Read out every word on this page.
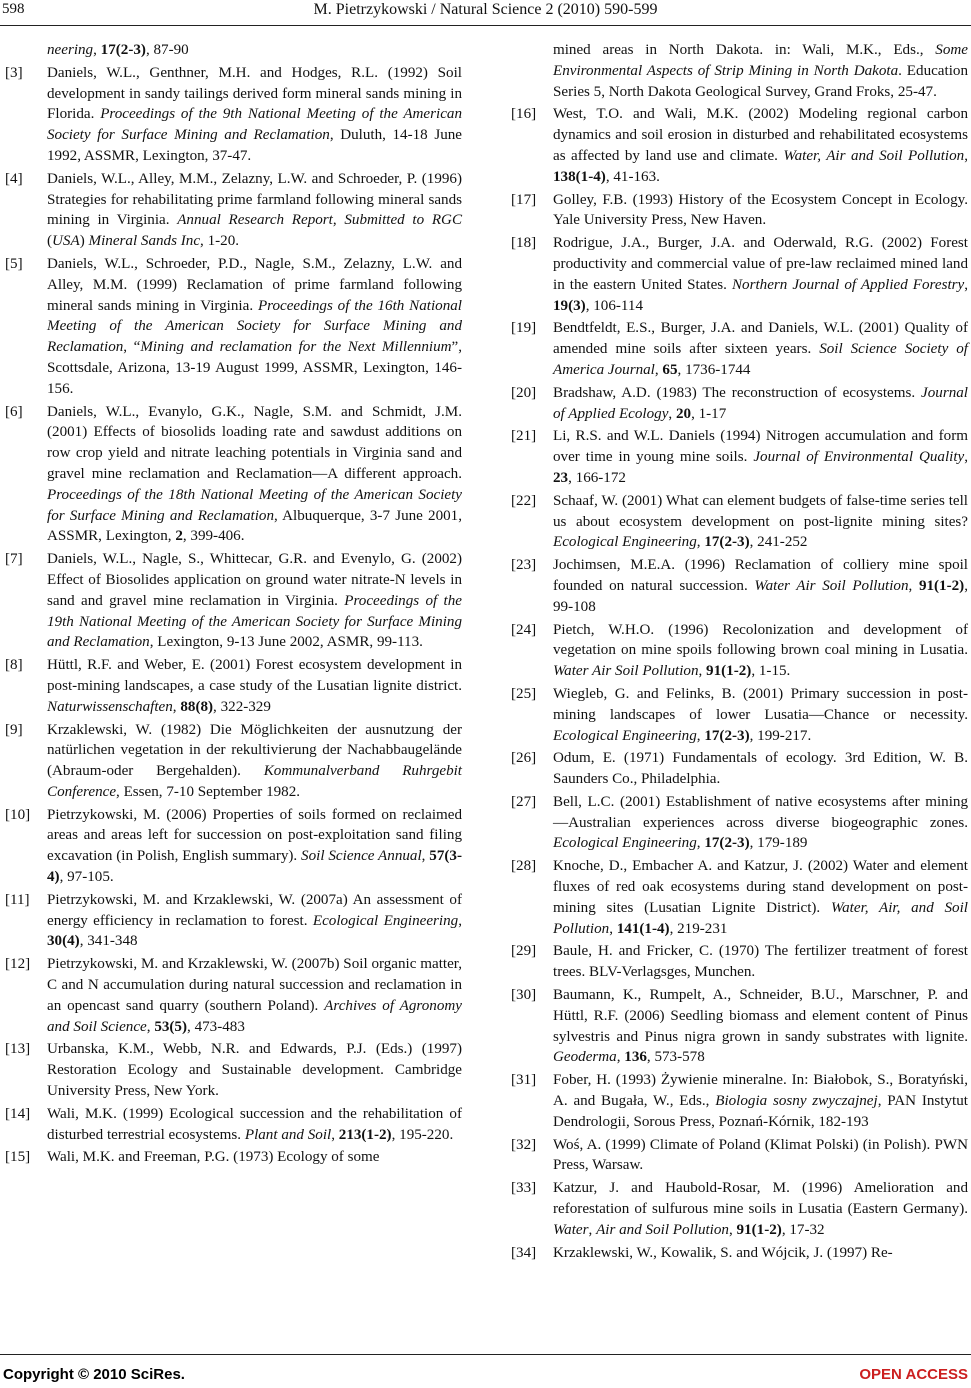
598	M. Pietrzykowski / Natural Science 2 (2010) 590-599
neering, 17(2-3), 87-90
[3] Daniels, W.L., Genthner, M.H. and Hodges, R.L. (1992) Soil development in sandy tailings derived form mineral sands mining in Florida. Proceedings of the 9th National Meeting of the American Society for Surface Mining and Reclamation, Duluth, 14-18 June 1992, ASSMR, Lexington, 37-47.
[4] Daniels, W.L., Alley, M.M., Zelazny, L.W. and Schroeder, P. (1996) Strategies for rehabilitating prime farmland following mineral sands mining in Virginia. Annual Research Report, Submitted to RGC (USA) Mineral Sands Inc, 1-20.
[5] Daniels, W.L., Schroeder, P.D., Nagle, S.M., Zelazny, L.W. and Alley, M.M. (1999) Reclamation of prime farmland following mineral sands mining in Virginia. Proceedings of the 16th National Meeting of the American Society for Surface Mining and Reclamation, “Mining and reclamation for the Next Millennium”, Scottsdale, Arizona, 13-19 August 1999, ASSMR, Lexington, 146-156.
[6] Daniels, W.L., Evanylo, G.K., Nagle, S.M. and Schmidt, J.M. (2001) Effects of biosolids loading rate and sawdust additions on row crop yield and nitrate leaching potentials in Virginia sand and gravel mine reclamation and Reclamation—A different approach. Proceedings of the 18th National Meeting of the American Society for Surface Mining and Reclamation, Albuquerque, 3-7 June 2001, ASSMR, Lexington, 2, 399-406.
[7] Daniels, W.L., Nagle, S., Whittecar, G.R. and Evenylo, G. (2002) Effect of Biosolides application on ground water nitrate-N levels in sand and gravel mine reclamation in Virginia. Proceedings of the 19th National Meeting of the American Society for Surface Mining and Reclamation, Lexington, 9-13 June 2002, ASMR, 99-113.
[8] Hüttl, R.F. and Weber, E. (2001) Forest ecosystem development in post-mining landscapes, a case study of the Lusatian lignite district. Naturwissenschaften, 88(8), 322-329
[9] Krzaklewski, W. (1982) Die Möglichkeiten der ausnutzung der natürlichen vegetation in der rekultivierung der Nachabbaugelände (Abraum-oder Bergehalden). Kommunalverband Ruhrgebit Conference, Essen, 7-10 September 1982.
[10] Pietrzykowski, M. (2006) Properties of soils formed on reclaimed areas and areas left for succession on post-exploitation sand filing excavation (in Polish, English summary). Soil Science Annual, 57(3-4), 97-105.
[11] Pietrzykowski, M. and Krzaklewski, W. (2007a) An assessment of energy efficiency in reclamation to forest. Ecological Engineering, 30(4), 341-348
[12] Pietrzykowski, M. and Krzaklewski, W. (2007b) Soil organic matter, C and N accumulation during natural succession and reclamation in an opencast sand quarry (southern Poland). Archives of Agronomy and Soil Science, 53(5), 473-483
[13] Urbanska, K.M., Webb, N.R. and Edwards, P.J. (Eds.) (1997) Restoration Ecology and Sustainable development. Cambridge University Press, New York.
[14] Wali, M.K. (1999) Ecological succession and the rehabilitation of disturbed terrestrial ecosystems. Plant and Soil, 213(1-2), 195-220.
[15] Wali, M.K. and Freeman, P.G. (1973) Ecology of some
mined areas in North Dakota. in: Wali, M.K., Eds., Some Environmental Aspects of Strip Mining in North Dakota. Education Series 5, North Dakota Geological Survey, Grand Froks, 25-47.
[16] West, T.O. and Wali, M.K. (2002) Modeling regional carbon dynamics and soil erosion in disturbed and rehabilitated ecosystems as affected by land use and climate. Water, Air and Soil Pollution, 138(1-4), 41-163.
[17] Golley, F.B. (1993) History of the Ecosystem Concept in Ecology. Yale University Press, New Haven.
[18] Rodrigue, J.A., Burger, J.A. and Oderwald, R.G. (2002) Forest productivity and commercial value of pre-law reclaimed mined land in the eastern United States. Northern Journal of Applied Forestry, 19(3), 106-114
[19] Bendtfeldt, E.S., Burger, J.A. and Daniels, W.L. (2001) Quality of amended mine soils after sixteen years. Soil Science Society of America Journal, 65, 1736-1744
[20] Bradshaw, A.D. (1983) The reconstruction of ecosystems. Journal of Applied Ecology, 20, 1-17
[21] Li, R.S. and W.L. Daniels (1994) Nitrogen accumulation and form over time in young mine soils. Journal of Environmental Quality, 23, 166-172
[22] Schaaf, W. (2001) What can element budgets of false-time series tell us about ecosystem development on post-lignite mining sites? Ecological Engineering, 17(2-3), 241-252
[23] Jochimsen, M.E.A. (1996) Reclamation of colliery mine spoil founded on natural succession. Water Air Soil Pollution, 91(1-2), 99-108
[24] Pietch, W.H.O. (1996) Recolonization and development of vegetation on mine spoils following brown coal mining in Lusatia. Water Air Soil Pollution, 91(1-2), 1-15.
[25] Wiegleb, G. and Felinks, B. (2001) Primary succession in post-mining landscapes of lower Lusatia—Chance or necessity. Ecological Engineering, 17(2-3), 199-217.
[26] Odum, E. (1971) Fundamentals of ecology. 3rd Edition, W. B. Saunders Co., Philadelphia.
[27] Bell, L.C. (2001) Establishment of native ecosystems after mining—Australian experiences across diverse biogeographic zones. Ecological Engineering, 17(2-3), 179-189
[28] Knoche, D., Embacher A. and Katzur, J. (2002) Water and element fluxes of red oak ecosystems during stand development on post-mining sites (Lusatian Lignite District). Water, Air, and Soil Pollution, 141(1-4), 219-231
[29] Baule, H. and Fricker, C. (1970) The fertilizer treatment of forest trees. BLV-Verlagsges, Munchen.
[30] Baumann, K., Rumpelt, A., Schneider, B.U., Marschner, P. and Hüttl, R.F. (2006) Seedling biomass and element content of Pinus sylvestris and Pinus nigra grown in sandy substrates with lignite. Geoderma, 136, 573-578
[31] Fober, H. (1993) Żywienie mineralne. In: Białobok, S., Boratyński, A. and Bugała, W., Eds., Biologia sosny zwyczajnej, PAN Instytut Dendrologii, Sorous Press, Poznań-Kórnik, 182-193
[32] Woś, A. (1999) Climate of Poland (Klimat Polski) (in Polish). PWN Press, Warsaw.
[33] Katzur, J. and Haubold-Rosar, M. (1996) Amelioration and reforestation of sulfurous mine soils in Lusatia (Eastern Germany). Water, Air and Soil Pollution, 91(1-2), 17-32
[34] Krzaklewski, W., Kowalik, S. and Wójcik, J. (1997) Re-
Copyright © 2010 SciRes.	OPEN ACCESS
